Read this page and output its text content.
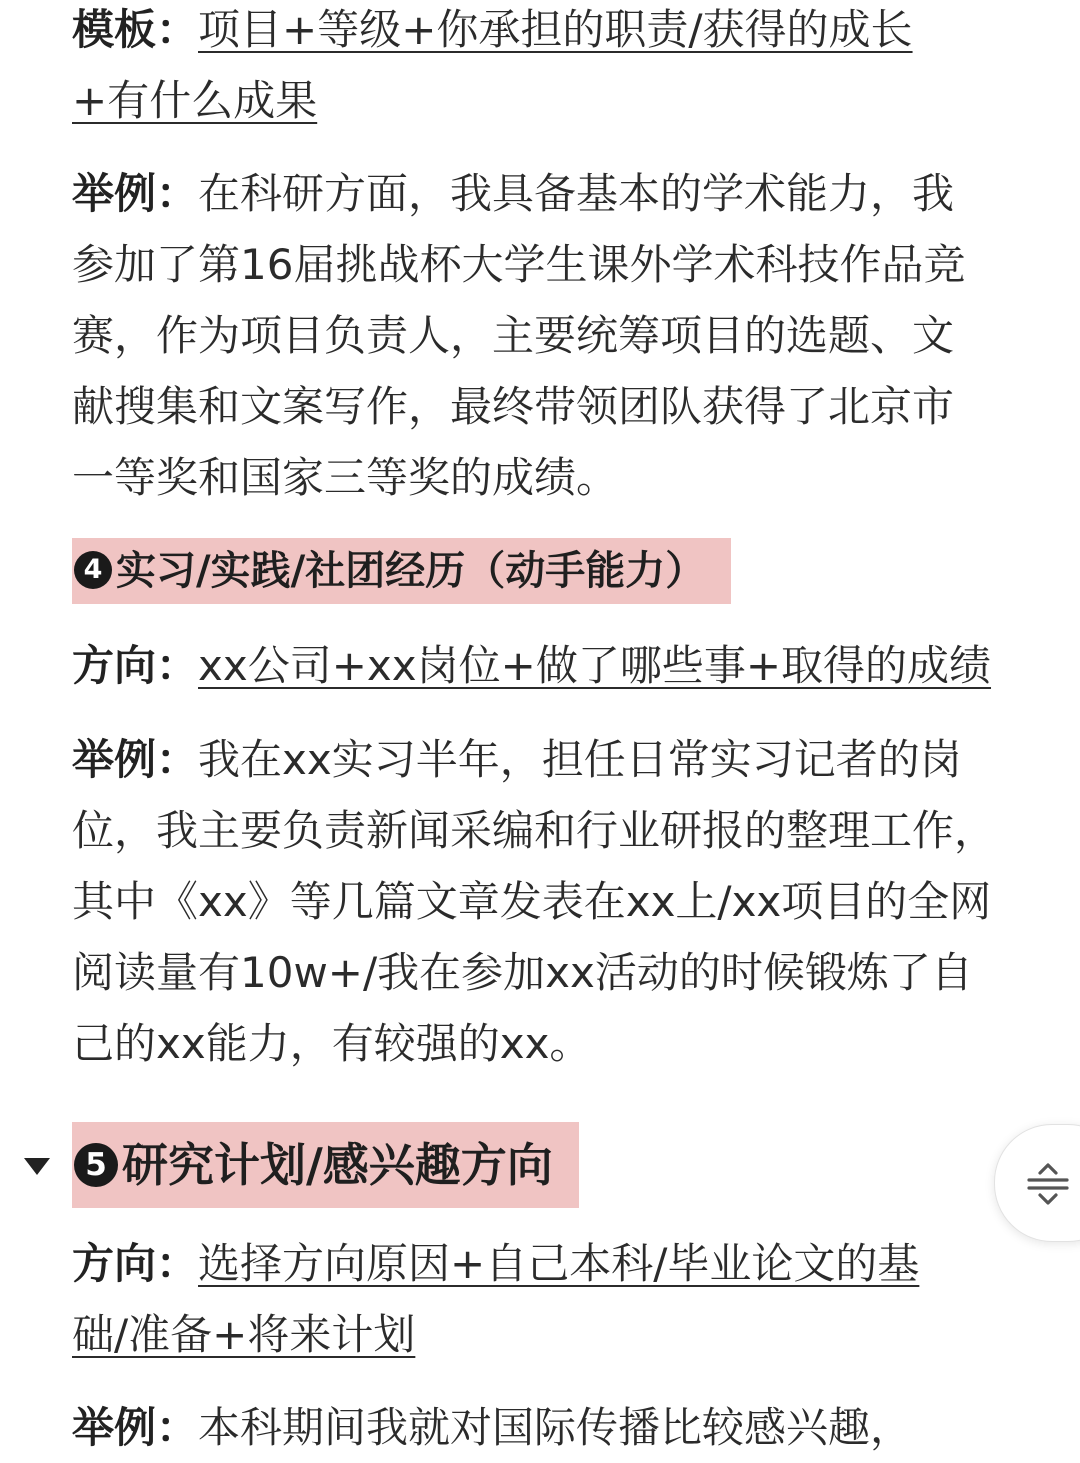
模板：项目+等级+你承担的职责/获得的成长

+有什么成果

举例：在科研方面，我具备基本的学术能力，我参加了第16届挑战杯大学生课外学术科技作品竞赛，作为项目负责人，主要统筹项目的选题、文献搜集和文案写作，最终带领团队获得了北京市一等奖和国家三等奖的成绩。

4 实习/实践/社团经历（动手能力）

方向：xx公司+xx岗位+做了哪些事+取得的成绩

举例：我在xx实习半年，担任日常实习记者的岗位，我主要负责新闻采编和行业研报的整理工作，其中《xx》等几篇文章发表在xx上/xx项目的全网阅读量有10w+/我在参加xx活动的时候锻炼了自己的xx能力，有较强的xx。

5 研究计划/感兴趣方向

方向：选择方向原因+自己本科/毕业论文的基

础/准备+将来计划

举例：本科期间我就对国际传播比较感兴趣，
